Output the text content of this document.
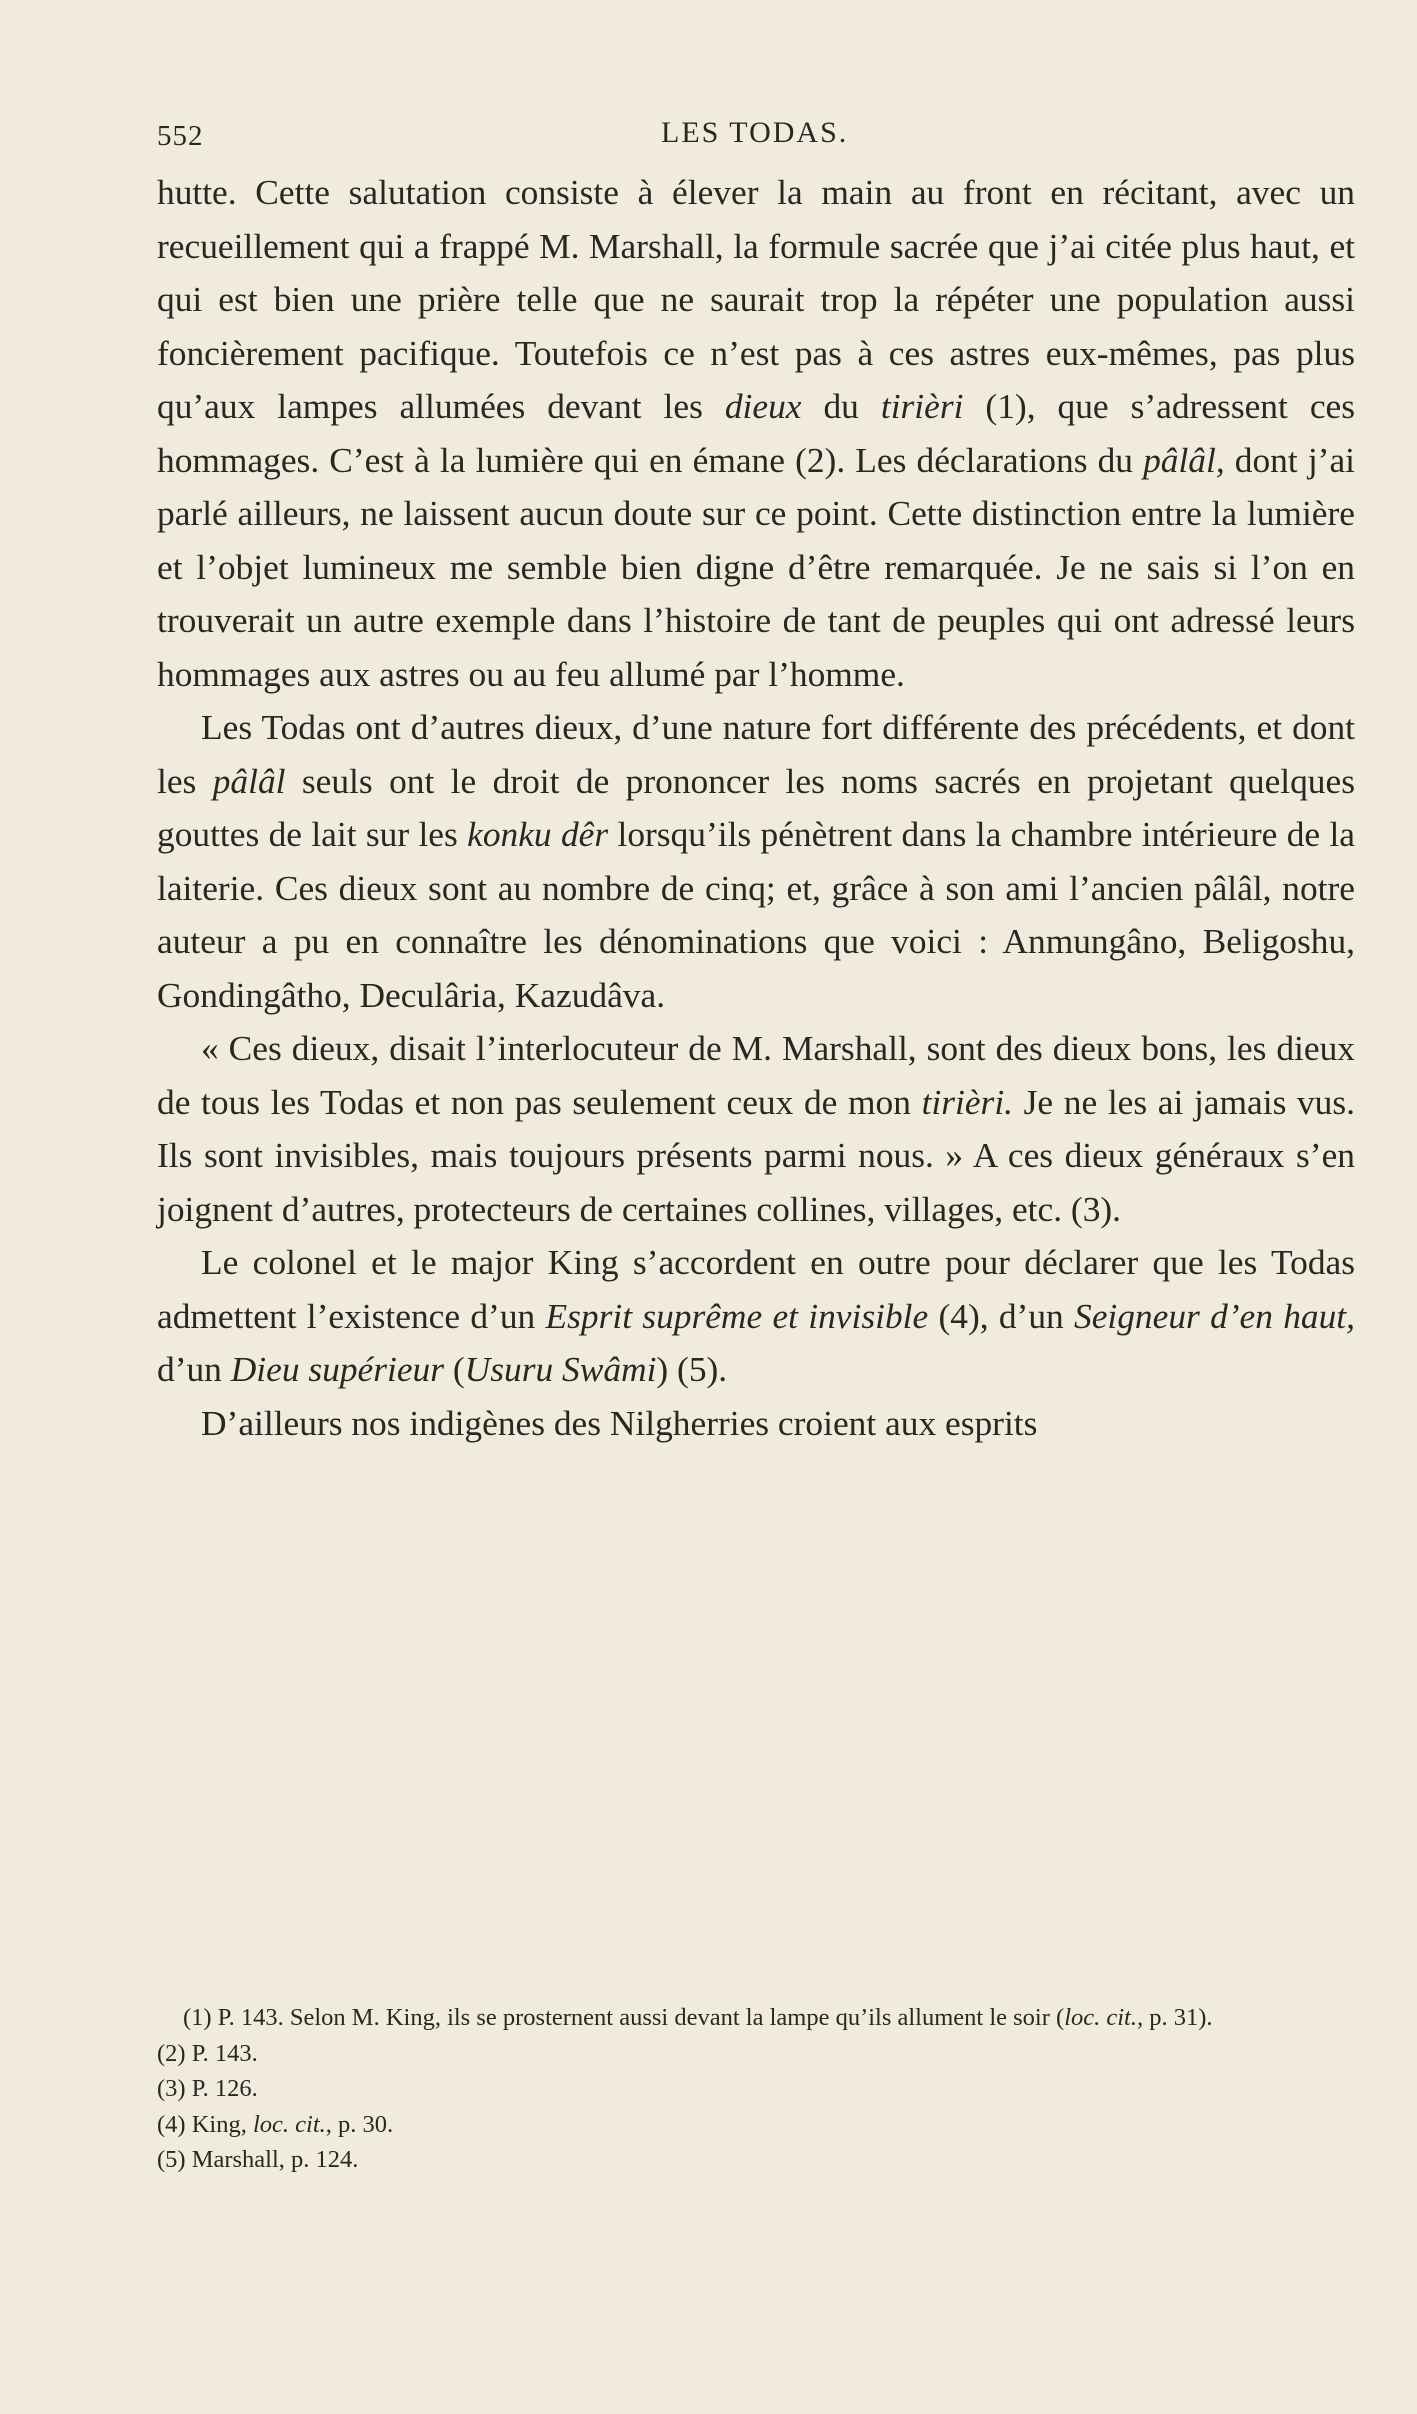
552	LES TODAS.

hutte. Cette salutation consiste à élever la main au front en récitant, avec un recueillement qui a frappé M. Marshall, la formule sacrée que j’ai citée plus haut, et qui est bien une prière telle que ne saurait trop la répéter une population aussi foncièrement pacifique. Toutefois ce n’est pas à ces astres eux-mêmes, pas plus qu’aux lampes allumées devant les dieux du tirièri (1), que s’adressent ces hommages. C’est à la lumière qui en émane (2). Les déclarations du pâlâl, dont j’ai parlé ailleurs, ne laissent aucun doute sur ce point. Cette distinction entre la lumière et l’objet lumineux me semble bien digne d’être remarquée. Je ne sais si l’on en trouverait un autre exemple dans l’histoire de tant de peuples qui ont adressé leurs hommages aux astres ou au feu allumé par l’homme.

Les Todas ont d’autres dieux, d’une nature fort différente des précédents, et dont les pâlâl seuls ont le droit de prononcer les noms sacrés en projetant quelques gouttes de lait sur les konku dêr lorsqu’ils pénètrent dans la chambre intérieure de la laiterie. Ces dieux sont au nombre de cinq; et, grâce à son ami l’ancien pâlâl, notre auteur a pu en connaître les dénominations que voici : Anmungâno, Beligoshu, Gondingâtho, Deculâria, Kazudâva.

« Ces dieux, disait l’interlocuteur de M. Marshall, sont des dieux bons, les dieux de tous les Todas et non pas seulement ceux de mon tirièri. Je ne les ai jamais vus. Ils sont invisibles, mais toujours présents parmi nous. » A ces dieux généraux s’en joignent d’autres, protecteurs de certaines collines, villages, etc. (3).

Le colonel et le major King s’accordent en outre pour déclarer que les Todas admettent l’existence d’un Esprit suprême et invisible (4), d’un Seigneur d’en haut, d’un Dieu supérieur (Usuru Swâmi) (5).

D’ailleurs nos indigènes des Nilgherries croient aux esprits

(1) P. 143. Selon M. King, ils se prosternent aussi devant la lampe qu’ils allument le soir (loc. cit., p. 31).

(2) P. 143.

(3) P. 126.

(4) King, loc. cit., p. 30.

(5) Marshall, p. 124.
